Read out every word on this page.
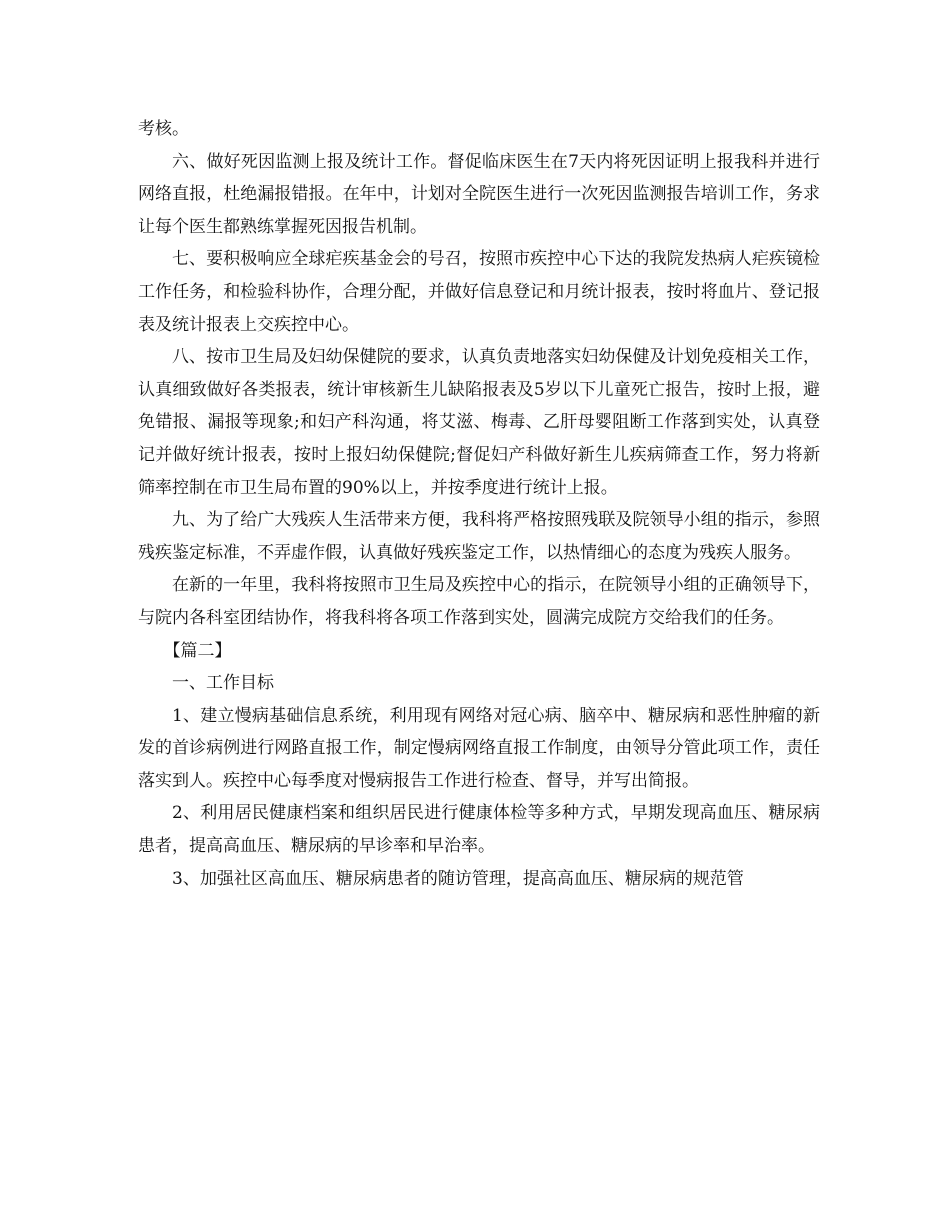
考核。

六、做好死因监测上报及统计工作。督促临床医生在7天内将死因证明上报我科并进行网络直报，杜绝漏报错报。在年中，计划对全院医生进行一次死因监测报告培训工作，务求让每个医生都熟练掌握死因报告机制。

七、要积极响应全球疟疾基金会的号召，按照市疾控中心下达的我院发热病人疟疾镜检工作任务，和检验科协作，合理分配，并做好信息登记和月统计报表，按时将血片、登记报表及统计报表上交疾控中心。

八、按市卫生局及妇幼保健院的要求，认真负责地落实妇幼保健及计划免疫相关工作，认真细致做好各类报表，统计审核新生儿缺陷报表及5岁以下儿童死亡报告，按时上报，避免错报、漏报等现象;和妇产科沟通，将艾滋、梅毒、乙肝母婴阻断工作落到实处，认真登记并做好统计报表，按时上报妇幼保健院;督促妇产科做好新生儿疾病筛查工作，努力将新筛率控制在市卫生局布置的90%以上，并按季度进行统计上报。

九、为了给广大残疾人生活带来方便，我科将严格按照残联及院领导小组的指示，参照残疾鉴定标准，不弄虚作假，认真做好残疾鉴定工作，以热情细心的态度为残疾人服务。

在新的一年里，我科将按照市卫生局及疾控中心的指示，在院领导小组的正确领导下，与院内各科室团结协作，将我科将各项工作落到实处，圆满完成院方交给我们的任务。

【篇二】

一、工作目标

1、建立慢病基础信息系统，利用现有网络对冠心病、脑卒中、糖尿病和恶性肿瘤的新发的首诊病例进行网路直报工作，制定慢病网络直报工作制度，由领导分管此项工作，责任落实到人。疾控中心每季度对慢病报告工作进行检查、督导，并写出简报。

2、利用居民健康档案和组织居民进行健康体检等多种方式，早期发现高血压、糖尿病患者，提高高血压、糖尿病的早诊率和早治率。

3、加强社区高血压、糖尿病患者的随访管理，提高高血压、糖尿病的规范管
